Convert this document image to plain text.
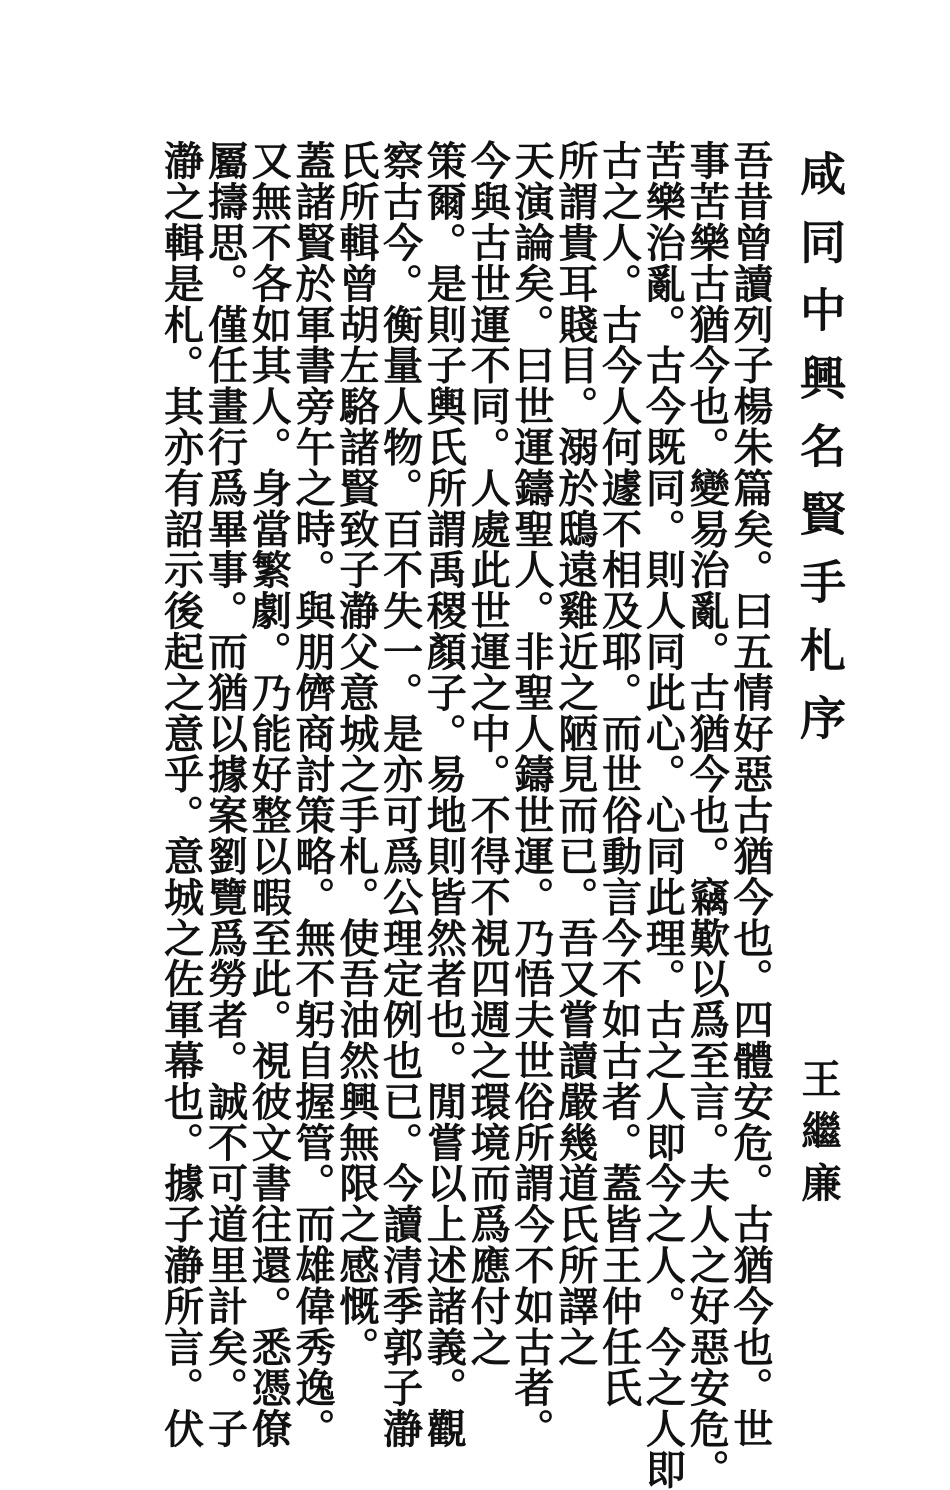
咸同中興名賢手札序
王繼廉
吾昔曾讀列子楊朱篇矣。曰五情好惡古猶今也。四體安危。古猶今也。世
事苦樂古猶今也。變易治亂。古猶今也。竊歎以爲至言。夫人之好惡安危。
苦樂治亂。古今既同。則人同此心。心同此理。古之人即今之人。今之人即
古之人。古今人何遽不相及耶。而世俗動言今不如古者。蓋皆王仲任氏
所謂貴耳賤目。溺於鴟遠雞近之陋見而已。吾又嘗讀嚴幾道氏所譯之
天演論矣。曰世運鑄聖人。非聖人鑄世運。乃悟夫世俗所謂今不如古者。
今與古世運不同。人處此世運之中。不得不視四週之環境而爲應付之
策爾。是則子輿氏所謂禹稷顏子。易地則皆然者也。閒嘗以上述諸義。觀
察古今。衡量人物。百不失一。是亦可爲公理定例也已。今讀清季郭子瀞
氏所輯曾胡左駱諸賢致子瀞父意城之手札。使吾油然興無限之感慨。
蓋諸賢於軍書旁午之時。與朋儕商討策略。無不躬自握管。而雄偉秀逸。
又無不各如其人。身當繁劇。乃能好整以暇至此。視彼文書往還。悉憑僚
屬擣思。僅任畫行爲畢事。而猶以據案劉覽爲勞者。誠不可道里計矣。子
瀞之輯是札。其亦有詔示後起之意乎。意城之佐軍幕也。據子瀞所言。伏
